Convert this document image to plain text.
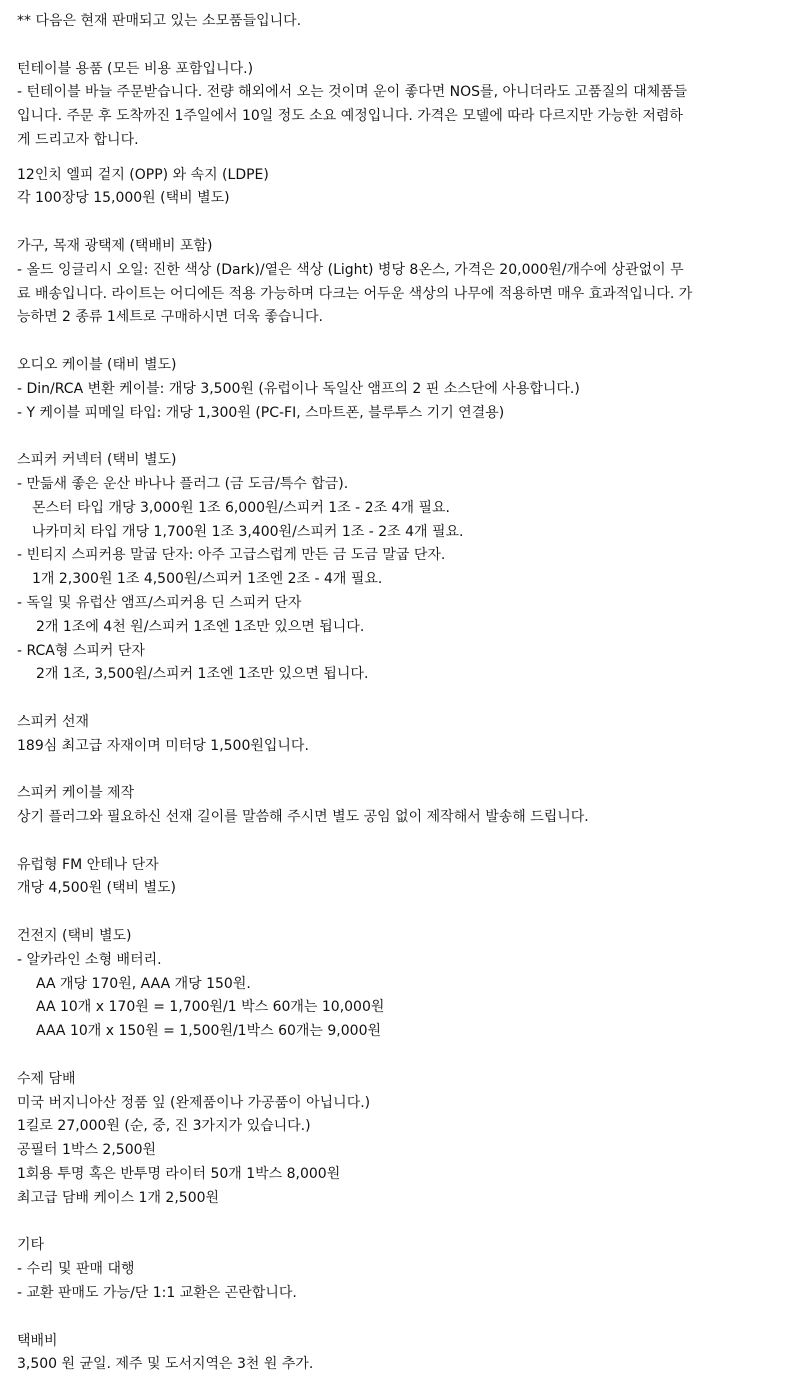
** 다음은 현재 판매되고 있는 소모품들입니다.
턴테이블 용품 (모든 비용 포함입니다.)
- 턴테이블 바늘 주문받습니다. 전량 해외에서 오는 것이며 운이 좋다면 NOS를, 아니더라도 고품질의 대체품들
입니다. 주문 후 도착까진 1주일에서 10일 정도 소요 예정입니다. 가격은 모델에 따라 다르지만 가능한 저렴하
게 드리고자 합니다.
12인치 엘피 겉지 (OPP) 와 속지 (LDPE)
각 100장당 15,000원 (택비 별도)
가구, 목재 광택제 (택배비 포함)
- 올드 잉글리시 오일: 진한 색상 (Dark)/옅은 색상 (Light) 병당 8온스, 가격은 20,000원/개수에 상관없이 무
료 배송입니다. 라이트는 어디에든 적용 가능하며 다크는 어두운 색상의 나무에 적용하면 매우 효과적입니다. 가
능하면 2 종류 1세트로 구매하시면 더욱 좋습니다.
오디오 케이블 (태비 별도)
- Din/RCA 변환 케이블: 개당 3,500원 (유럽이나 독일산 앰프의 2 핀 소스단에 사용합니다.)
- Y 케이블 피메일 타입: 개당 1,300원 (PC-FI, 스마트폰, 블루투스 기기 연결용)
스피커 커넥터 (택비 별도)
- 만듦새 좋은 운산 바나나 플러그 (금 도금/특수 합금).
몬스터 타입 개당 3,000원 1조 6,000원/스피커 1조 - 2조 4개 필요.
나카미치 타입 개당 1,700원 1조 3,400원/스피커 1조 - 2조 4개 필요.
- 빈티지 스피커용 말굽 단자: 아주 고급스럽게 만든 금 도금 말굽 단자.
1개 2,300원 1조 4,500원/스피커 1조엔 2조 - 4개 필요.
- 독일 및 유럽산 앰프/스피커용 딘 스피커 단자
2개 1조에 4천 원/스피커 1조엔 1조만 있으면 됩니다.
- RCA형 스피커 단자
2개 1조, 3,500원/스피커 1조엔 1조만 있으면 됩니다.
스피커 선재
189심 최고급 자재이며 미터당 1,500원입니다.
스피커 케이블 제작
상기 플러그와 필요하신 선재 길이를 말씀해 주시면 별도 공임 없이 제작해서 발송해 드립니다.
유럽형 FM 안테나 단자
개당 4,500원 (택비 별도)
건전지 (택비 별도)
- 알카라인 소형 배터리.
AA 개당 170원, AAA 개당 150원.
AA 10개 x 170원 = 1,700원/1 박스 60개는 10,000원
AAA 10개 x 150원 = 1,500원/1박스 60개는 9,000원
수제 담배
미국 버지니아산 정품 잎 (완제품이나 가공품이 아닙니다.)
1킬로 27,000원 (순, 중, 진 3가지가 있습니다.)
공필터 1박스 2,500원
1회용 투명 혹은 반투명 라이터 50개 1박스 8,000원
최고급 담배 케이스 1개 2,500원
기타
- 수리 및 판매 대행
- 교환 판매도 가능/단 1:1 교환은 곤란합니다.
택배비
3,500 원 균일. 제주 및 도서지역은 3천 원 추가.
